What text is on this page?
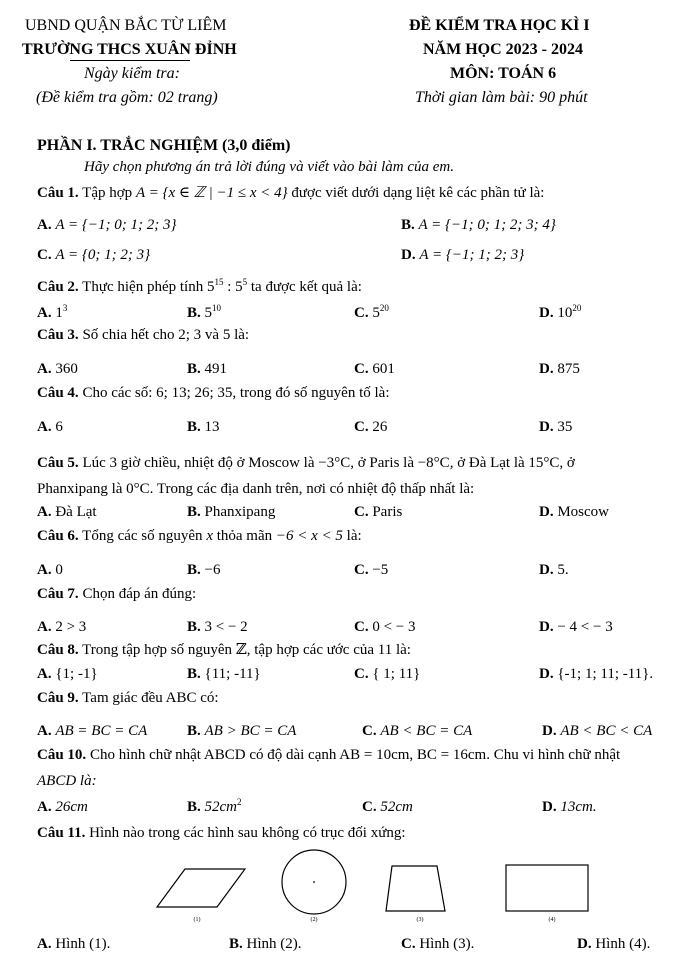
UBND QUẬN BẮC TỪ LIÊM
TRƯỜNG THCS XUÂN ĐỈNH
Ngày kiểm tra:
(Đề kiểm tra gồm: 02 trang)
ĐỀ KIỂM TRA HỌC KÌ I
NĂM HỌC 2023 - 2024
MÔN: TOÁN 6
Thời gian làm bài: 90 phút
PHẦN I. TRẮC NGHIỆM (3,0 điểm)
Hãy chọn phương án trả lời đúng và viết vào bài làm của em.
Câu 1. Tập hợp A = {x ∈ ℤ | −1 ≤ x < 4} được viết dưới dạng liệt kê các phần tử là:
A. A = {−1; 0; 1; 2; 3}	B. A = {−1; 0; 1; 2; 3; 4}
C. A = {0; 1; 2; 3}	D. A = {−1; 1; 2; 3}
Câu 2. Thực hiện phép tính $5^{15}$ : $5^5$ ta được kết quả là:
A. $1^3$	B. $5^{10}$	C. $5^{20}$	D. $10^{20}$
Câu 3. Số chia hết cho 2; 3 và 5 là:
A. 360	B. 491	C. 601	D. 875
Câu 4. Cho các số: 6; 13; 26; 35, trong đó số nguyên tố là:
A. 6	B. 13	C. 26	D. 35
Câu 5. Lúc 3 giờ chiều, nhiệt độ ở Moscow là −3°C, ở Paris là −8°C, ở Đà Lạt là 15°C, ở
Phanxipang là 0°C. Trong các địa danh trên, nơi có nhiệt độ thấp nhất là:
A. Đà Lạt	B. Phanxipang	C. Paris	D. Moscow
Câu 6. Tổng các số nguyên x thỏa mãn −6 < x < 5 là:
A. 0	B. −6	C. −5	D. 5.
Câu 7. Chọn đáp án đúng:
A. 2 > 3	B. 3 < − 2	C. 0 < − 3	D. − 4 < − 3
Câu 8. Trong tập hợp số nguyên ℤ, tập hợp các ước của 11 là:
A. {1; -1}	B. {11; -11}	C. { 1; 11}	D. {-1; 1; 11; -11}.
Câu 9. Tam giác đều ABC có:
A. AB = BC = CA	B. AB > BC = CA	C. AB < BC = CA	D. AB < BC < CA
Câu 10. Cho hình chữ nhật ABCD có độ dài cạnh AB = 10cm, BC = 16cm. Chu vi hình chữ nhật
ABCD là:
A. 26cm	B. $52cm^2$	C. 52cm	D. 13cm.
Câu 11. Hình nào trong các hình sau không có trục đối xứng:
(1)	(2)	(3)	(4)
A. Hình (1).	B. Hình (2).	C. Hình (3).	D. Hình (4).
